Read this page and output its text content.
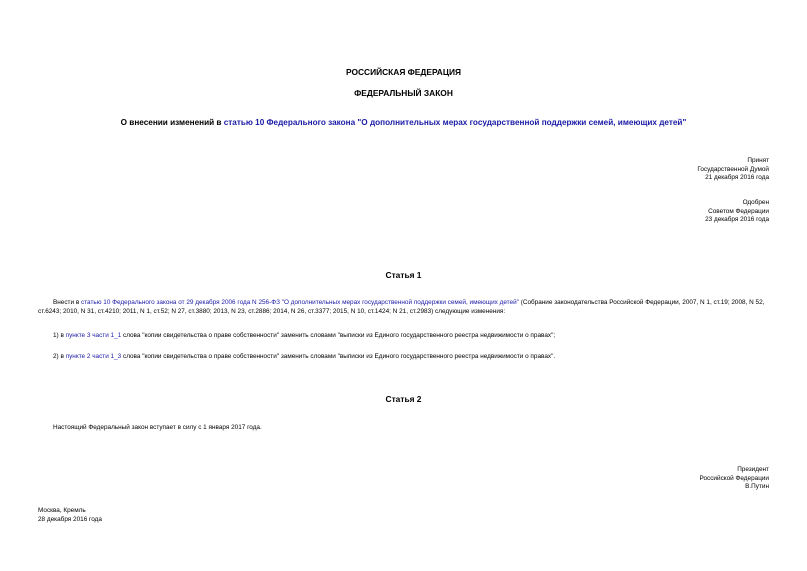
РОССИЙСКАЯ ФЕДЕРАЦИЯ
ФЕДЕРАЛЬНЫЙ ЗАКОН
О внесении изменений в статью 10 Федерального закона "О дополнительных мерах государственной поддержки семей, имеющих детей"
Принят
Государственной Думой
21 декабря 2016 года
Одобрен
Советом Федерации
23 декабря 2016 года
Статья 1
Внести в статью 10 Федерального закона от 29 декабря 2006 года N 256-ФЗ "О дополнительных мерах государственной поддержки семей, имеющих детей" (Собрание законодательства Российской Федерации, 2007, N 1, ст.19; 2008, N 52, ст.6243; 2010, N 31, ст.4210; 2011, N 1, ст.52; N 27, ст.3880; 2013, N 23, ст.2886; 2014, N 26, ст.3377; 2015, N 10, ст.1424; N 21, ст.2983) следующие изменения:
1) в пункте 3 части 1_1 слова "копии свидетельства о праве собственности" заменить словами "выписки из Единого государственного реестра недвижимости о правах";
2) в пункте 2 части 1_3 слова "копии свидетельства о праве собственности" заменить словами "выписки из Единого государственного реестра недвижимости о правах".
Статья 2
Настоящий Федеральный закон вступает в силу с 1 января 2017 года.
Президент
Российской Федерации
В.Путин
Москва, Кремль
28 декабря 2016 года
